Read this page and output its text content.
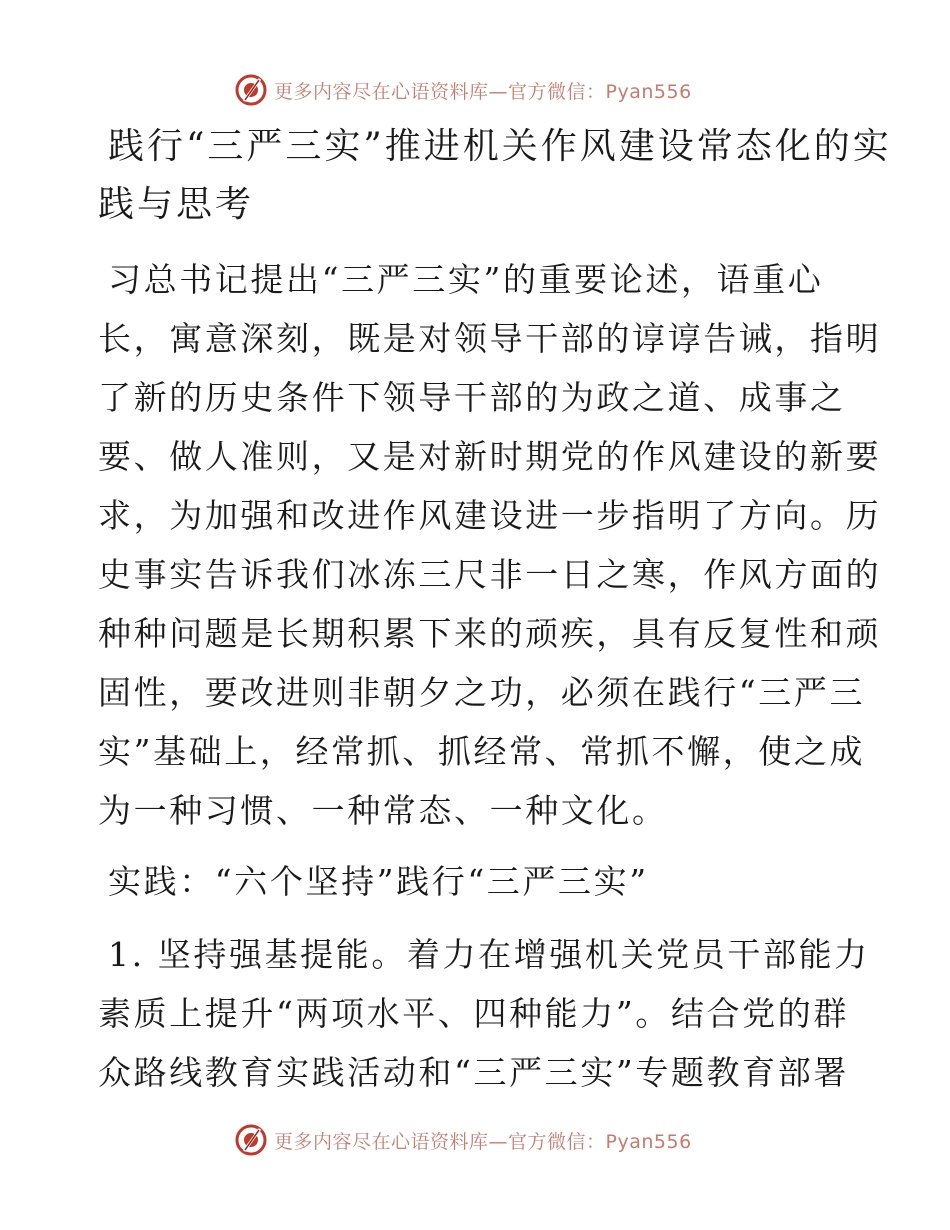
更多内容尽在心语资料库—官方微信：Pyan556
践行“三严三实”推进机关作风建设常态化的实
践与思考

习总书记提出“三严三实”的重要论述，语重心
长，寓意深刻，既是对领导干部的谆谆告诫，指明
了新的历史条件下领导干部的为政之道、成事之
要、做人准则，又是对新时期党的作风建设的新要
求，为加强和改进作风建设进一步指明了方向。历
史事实告诉我们冰冻三尺非一日之寒，作风方面的
种种问题是长期积累下来的顽疾，具有反复性和顽
固性，要改进则非朝夕之功，必须在践行“三严三
实”基础上，经常抓、抓经常、常抓不懈，使之成
为一种习惯、一种常态、一种文化。

实践：“六个坚持”践行“三严三实”

1. 坚持强基提能。着力在增强机关党员干部能力
素质上提升“两项水平、四种能力”。结合党的群
众路线教育实践活动和“三严三实”专题教育部署

更多内容尽在心语资料库—官方微信：Pyan556
